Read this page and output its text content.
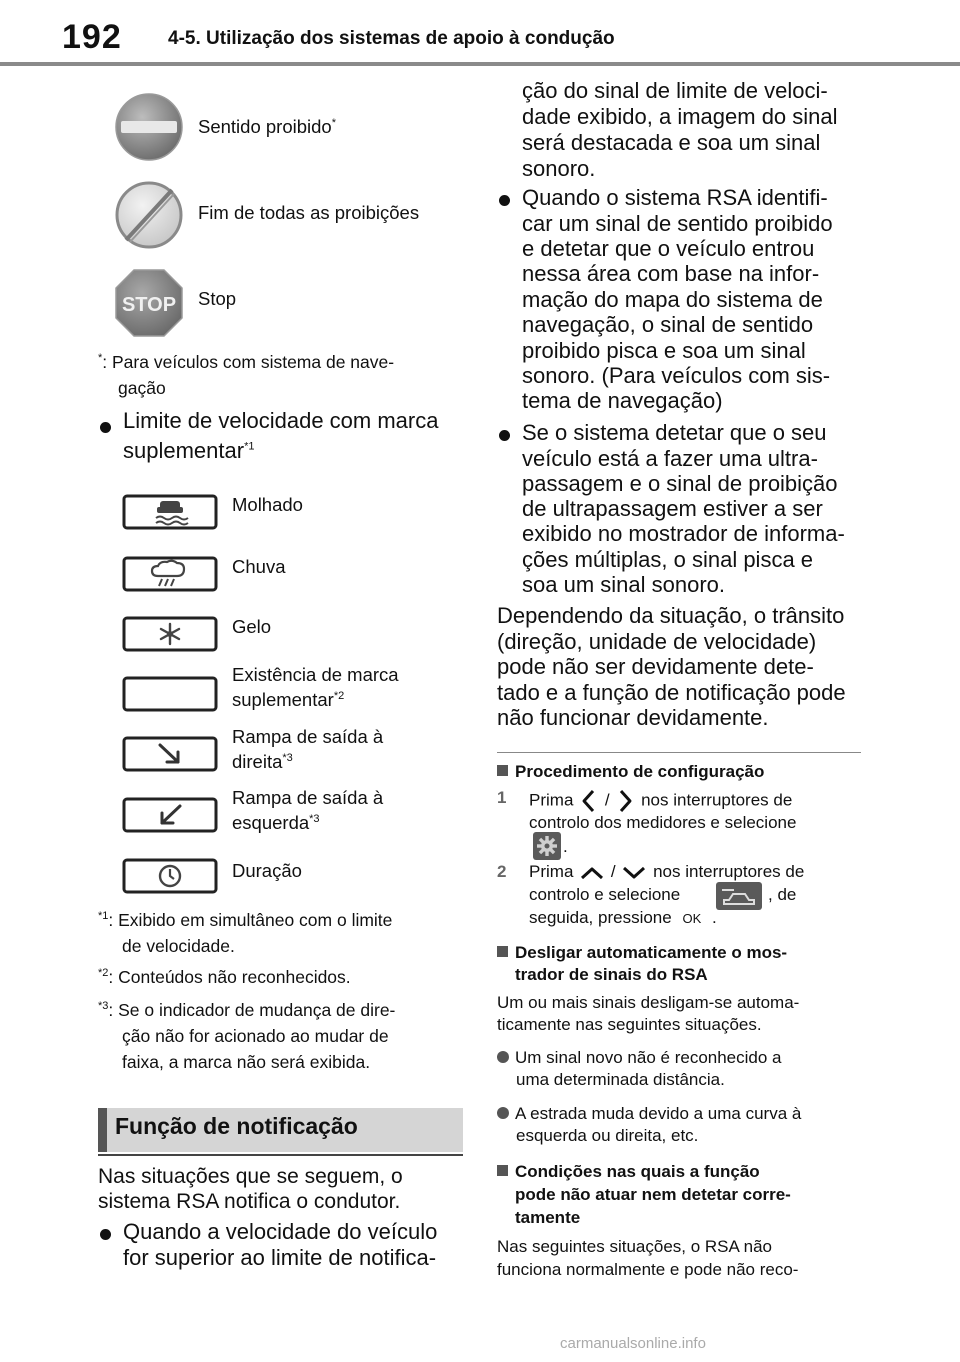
192 4-5. Utilização dos sistemas de apoio à condução
Sentido proibido*
Fim de todas as proibições
STOP Stop
*: Para veículos com sistema de nave-
gação
Limite de velocidade com marca
suplementar$^{*1}$
Molhado
Chuva
Gelo
Existência de marca
suplementar$^{*2}$
Rampa de saída à
direita$^{*3}$
Rampa de saída à
esquerda$^{*3}$
Duração
$^{*1}$: Exibido em simultâneo com o limite
de velocidade.
$^{*2}$: Conteúdos não reconhecidos.
$^{*3}$: Se o indicador de mudança de dire-
ção não for acionado ao mudar de
faixa, a marca não será exibida.
Função de notificação
Nas situações que se seguem, o
sistema RSA notifica o condutor.
Quando a velocidade do veículo
for superior ao limite de notifica-
ção do sinal de limite de veloci-
dade exibido, a imagem do sinal
será destacada e soa um sinal
sonoro.
Quando o sistema RSA identifi-
car um sinal de sentido proibido
e detetar que o veículo entrou
nessa área com base na infor-
mação do mapa do sistema de
navegação, o sinal de sentido
proibido pisca e soa um sinal
sonoro. (Para veículos com sis-
tema de navegação)
Se o sistema detetar que o seu
veículo está a fazer uma ultra-
passagem e o sinal de proibição
de ultrapassagem estiver a ser
exibido no mostrador de informa-
ções múltiplas, o sinal pisca e
soa um sinal sonoro.
Dependendo da situação, o trânsito
(direção, unidade de velocidade)
pode não ser devidamente dete-
tado e a função de notificação pode
não funcionar devidamente.
Procedimento de configuração
1 Prima / nos interruptores de
controlo dos medidores e selecione
.
2 Prima / nos interruptores de
controlo e selecione	, de
seguida, pressione OK .
Desligar automaticamente o mos-
trador de sinais do RSA
Um ou mais sinais desligam-se automa-
ticamente nas seguintes situações.
Um sinal novo não é reconhecido a
uma determinada distância.
A estrada muda devido a uma curva à
esquerda ou direita, etc.
Condições nas quais a função
pode não atuar nem detetar corre-
tamente
Nas seguintes situações, o RSA não
funciona normalmente e pode não reco-
carmanualsonline.info
